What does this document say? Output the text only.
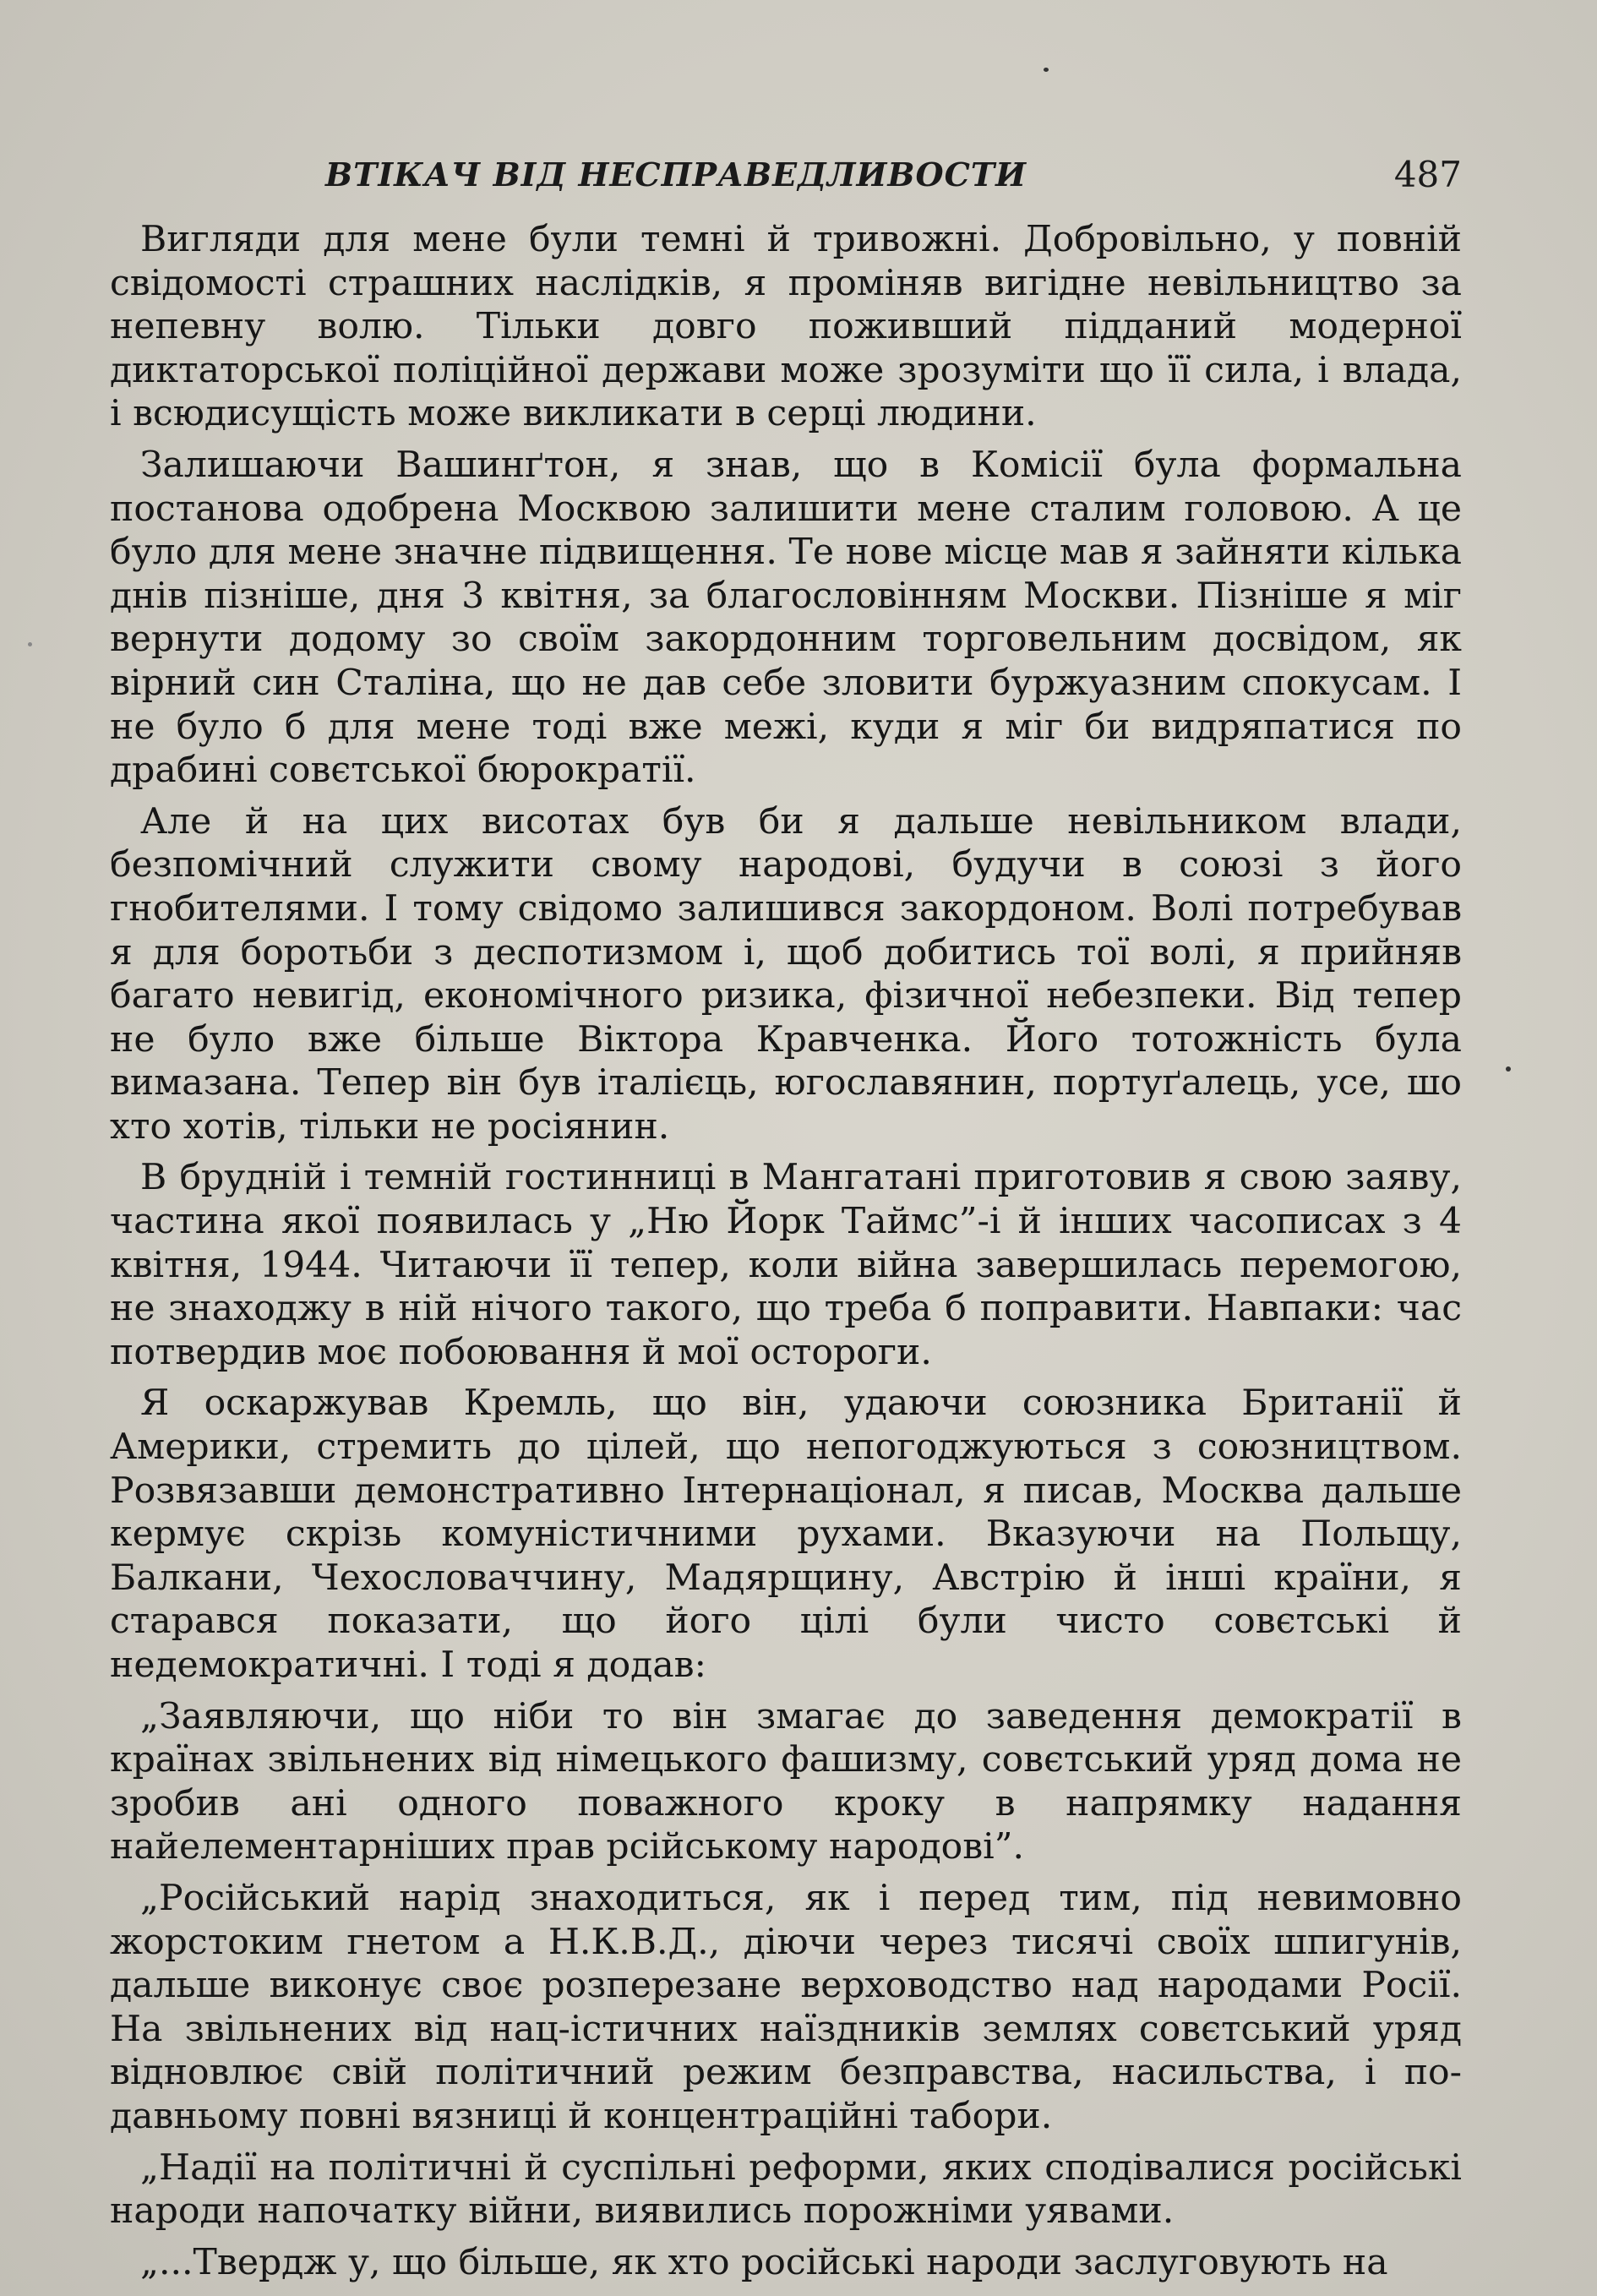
ВТІКАЧ ВІД НЕСПРАВЕДЛИВОСТИ	487

Вигляди для мене були темні й тривожні. Добровільно, у повній свідомості страшних наслідків, я проміняв вигідне невільництво за непевну волю. Тільки довго поживший підданий модерної диктаторської поліційної держави може зрозуміти що її сила, і влада, і всюдисущість може викликати в серці людини.

Залишаючи Вашинґтон, я знав, що в Комісії була формальна постанова одобрена Москвою залишити мене сталим головою. А це було для мене значне підвищення. Те нове місце мав я зайняти кілька днів пізніше, дня 3 квітня, за благословінням Москви. Пізніше я міг вернути додому зо своїм закордонним торговельним досвідом, як вірний син Сталіна, що не дав себе зловити буржуазним спокусам. І не було б для мене тоді вже межі, куди я міг би видряпатися по драбині совєтської бюрократії.

Але й на цих висотах був би я дальше невільником влади, безпомічний служити свому народові, будучи в союзі з його гнобителями. І тому свідомо залишився закордоном. Волі потребував я для боротьби з деспотизмом і, щоб добитись тої волі, я прийняв багато невигід, економічного ризика, фізичної небезпеки. Від тепер не було вже більше Віктора Кравченка. Його тотожність була вимазана. Тепер він був італієць, югославянин, портуґалець, усе, шо хто хотів, тільки не росіянин.

В брудній і темній гостинниці в Мангатані приготовив я свою заяву, частина якої появилась у „Ню Йорк Таймс”-і й інших часописах з 4 квітня, 1944. Читаючи її тепер, коли війна завершилась перемогою, не знаходжу в ній нічого такого, що треба б поправити. Навпаки: час потвердив моє побоювання й мої остороги.

Я оскаржував Кремль, що він, удаючи союзника Британії й Америки, стремить до цілей, що непогоджуються з союзництвом. Розвязавши демонстративно Інтернаціонал, я писав, Москва дальше кермує скрізь комуністичними рухами. Вказуючи на Польщу, Балкани, Чехословаччину, Мадярщину, Австрію й інші країни, я старався показати, що його цілі були чисто совєтські й недемократичні. І тоді я додав:

„Заявляючи, що ніби то він змагає до заведення демократії в країнах звільнених від німецького фашизму, совєтський уряд дома не зробив ані одного поважного кроку в напрямку надання найелементарніших прав рсійському народові”.

„Російський нарід знаходиться, як і перед тим, під невимовно жорстоким гнетом а Н.К.В.Д., діючи через тисячі своїх шпигунів, дальше виконує своє розперезане верховодство над народами Росії. На звільнених від нац-істичних наїздників землях совєтський уряд відновлює свій політичний режим безправства, насильства, і по-давньому повні вязниці й концентраційні табори.

„Надії на політичні й суспільні реформи, яких сподівалися російські народи напочатку війни, виявились порожніми уявами.

„...Твердж у, що більше, як хто російські народи заслуговують на
